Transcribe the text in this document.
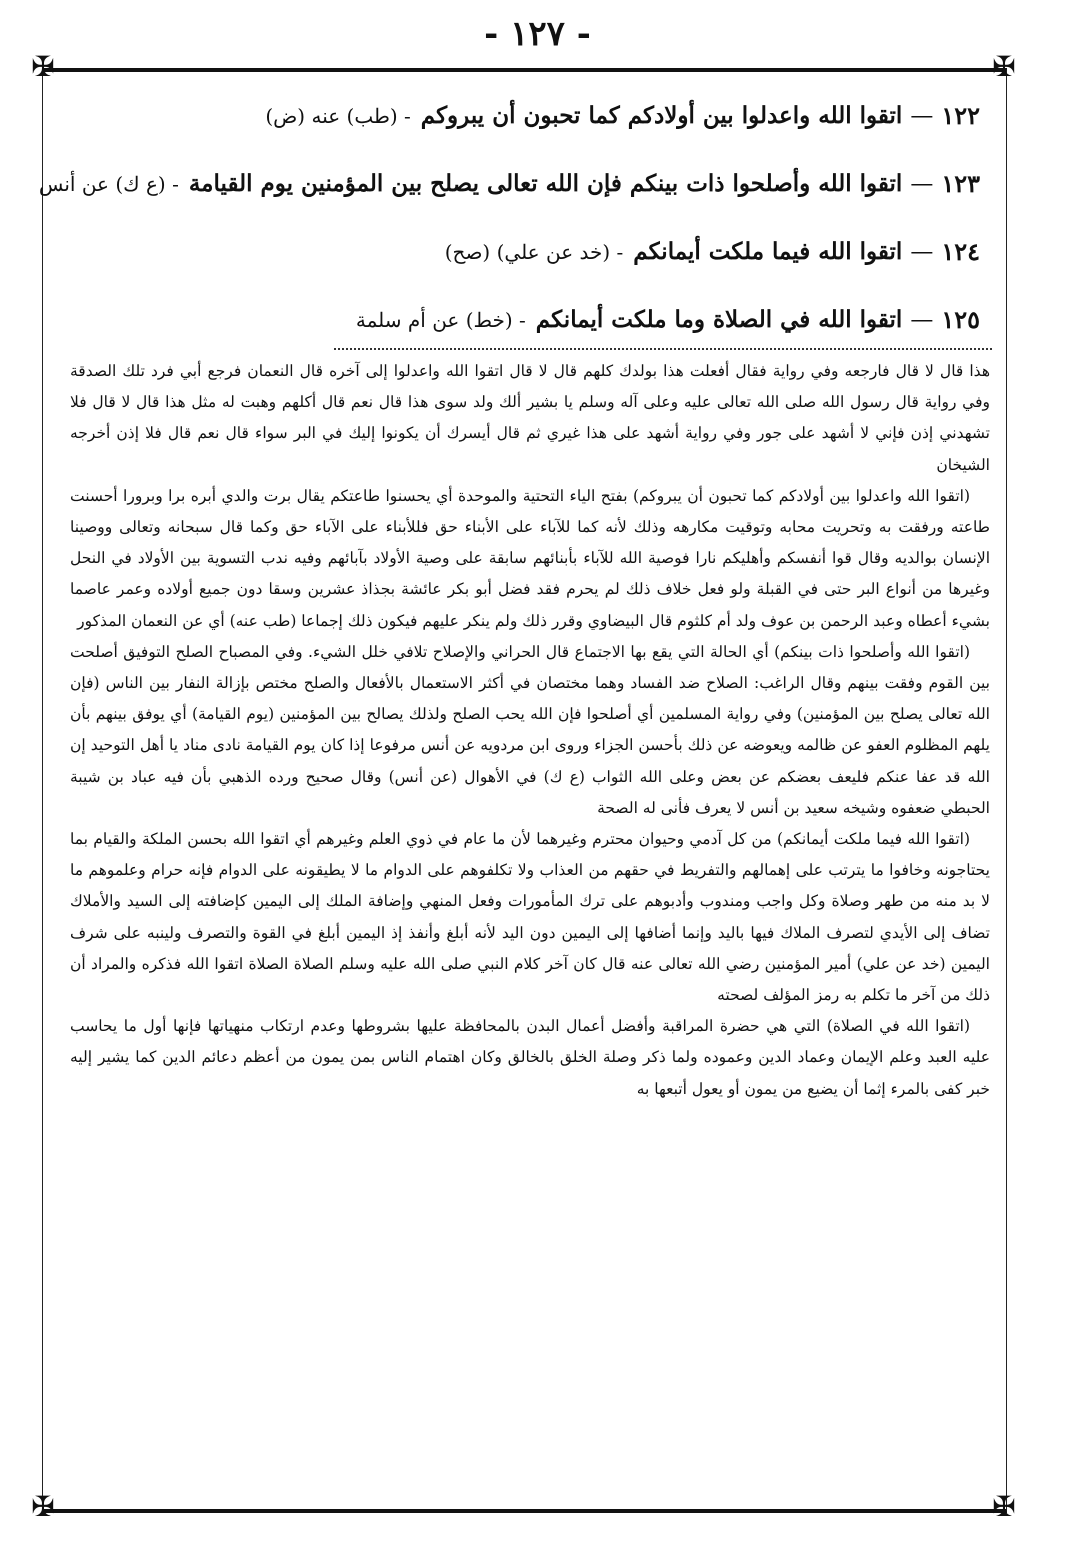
- ١٢٧ -
✠	✠
✠	✠
١٢٢
—
اتقوا الله واعدلوا بين أولادكم كما تحبون أن يبروكم
- (طب) عنه (ض)
١٢٣
—
اتقوا الله وأصلحوا ذات بينكم فإن الله تعالى يصلح بين المؤمنين يوم القيامة
- (ع ك) عن أنس
١٢٤
—
اتقوا الله فيما ملكت أيمانكم
- (خد عن علي) (صح)
١٢٥
—
اتقوا الله في الصلاة وما ملكت أيمانكم
- (خط) عن أم سلمة

هذا قال لا قال فارجعه وفي رواية فقال أفعلت هذا بولدك كلهم قال لا قال اتقوا الله واعدلوا إلى آخره قال النعمان فرجع أبي فرد تلك الصدقة وفي رواية قال رسول الله صلى الله تعالى عليه وعلى آله وسلم يا بشير ألك ولد سوى هذا قال نعم قال أكلهم وهبت له مثل هذا قال لا قال فلا تشهدني إذن فإني لا أشهد على جور وفي رواية أشهد على هذا غيري ثم قال أيسرك أن يكونوا إليك في البر سواء قال نعم قال فلا إذن أخرجه الشيخان

(اتقوا الله واعدلوا بين أولادكم كما تحبون أن يبروكم) بفتح الياء التحتية والموحدة أي يحسنوا طاعتكم يقال برت والدي أبره برا وبرورا أحسنت طاعته ورفقت به وتحريت محابه وتوقيت مكارهه وذلك لأنه كما للآباء على الأبناء حق فللأبناء على الآباء حق وكما قال سبحانه وتعالى ووصينا الإنسان بوالديه وقال قوا أنفسكم وأهليكم نارا فوصية الله للآباء بأبنائهم سابقة على وصية الأولاد بآبائهم وفيه ندب التسوية بين الأولاد في النحل وغيرها من أنواع البر حتى في القبلة ولو فعل خلاف ذلك لم يحرم فقد فضل أبو بكر عائشة بجذاذ عشرين وسقا دون جميع أولاده وعمر عاصما بشيء أعطاه وعبد الرحمن بن عوف ولد أم كلثوم قال البيضاوي وقرر ذلك ولم ينكر عليهم فيكون ذلك إجماعا (طب عنه) أي عن النعمان المذكور

(اتقوا الله وأصلحوا ذات بينكم) أي الحالة التي يقع بها الاجتماع قال الحراني والإصلاح تلافي خلل الشيء. وفي المصباح الصلح التوفيق أصلحت بين القوم وفقت بينهم وقال الراغب: الصلاح ضد الفساد وهما مختصان في أكثر الاستعمال بالأفعال والصلح مختص بإزالة النفار بين الناس (فإن الله تعالى يصلح بين المؤمنين) وفي رواية المسلمين أي أصلحوا فإن الله يحب الصلح ولذلك يصالح بين المؤمنين (يوم القيامة) أي يوفق بينهم بأن يلهم المظلوم العفو عن ظالمه ويعوضه عن ذلك بأحسن الجزاء وروى ابن مردويه عن أنس مرفوعا إذا كان يوم القيامة نادى مناد يا أهل التوحيد إن الله قد عفا عنكم فليعف بعضكم عن بعض وعلى الله الثواب (ع ك) في الأهوال (عن أنس) وقال صحيح ورده الذهبي بأن فيه عباد بن شيبة الحبطي ضعفوه وشيخه سعيد بن أنس لا يعرف فأنى له الصحة

(اتقوا الله فيما ملكت أيمانكم) من كل آدمي وحيوان محترم وغيرهما لأن ما عام في ذوي العلم وغيرهم أي اتقوا الله بحسن الملكة والقيام بما يحتاجونه وخافوا ما يترتب على إهمالهم والتفريط في حقهم من العذاب ولا تكلفوهم على الدوام ما لا يطيقونه على الدوام فإنه حرام وعلموهم ما لا بد منه من طهر وصلاة وكل واجب ومندوب وأدبوهم على ترك المأمورات وفعل المنهي وإضافة الملك إلى اليمين كإضافته إلى السيد والأملاك تضاف إلى الأيدي لتصرف الملاك فيها باليد وإنما أضافها إلى اليمين دون اليد لأنه أبلغ وأنفذ إذ اليمين أبلغ في القوة والتصرف ولينبه على شرف اليمين (خد عن علي) أمير المؤمنين رضي الله تعالى عنه قال كان آخر كلام النبي صلى الله عليه وسلم الصلاة الصلاة اتقوا الله فذكره والمراد أن ذلك من آخر ما تكلم به رمز المؤلف لصحته

(اتقوا الله في الصلاة) التي هي حضرة المراقبة وأفضل أعمال البدن بالمحافظة عليها بشروطها وعدم ارتكاب منهياتها فإنها أول ما يحاسب عليه العبد وعلم الإيمان وعماد الدين وعموده ولما ذكر وصلة الخلق بالخالق وكان اهتمام الناس بمن يمون من أعظم دعائم الدين كما يشير إليه خبر كفى بالمرء إثما أن يضيع من يمون أو يعول أتبعها به
